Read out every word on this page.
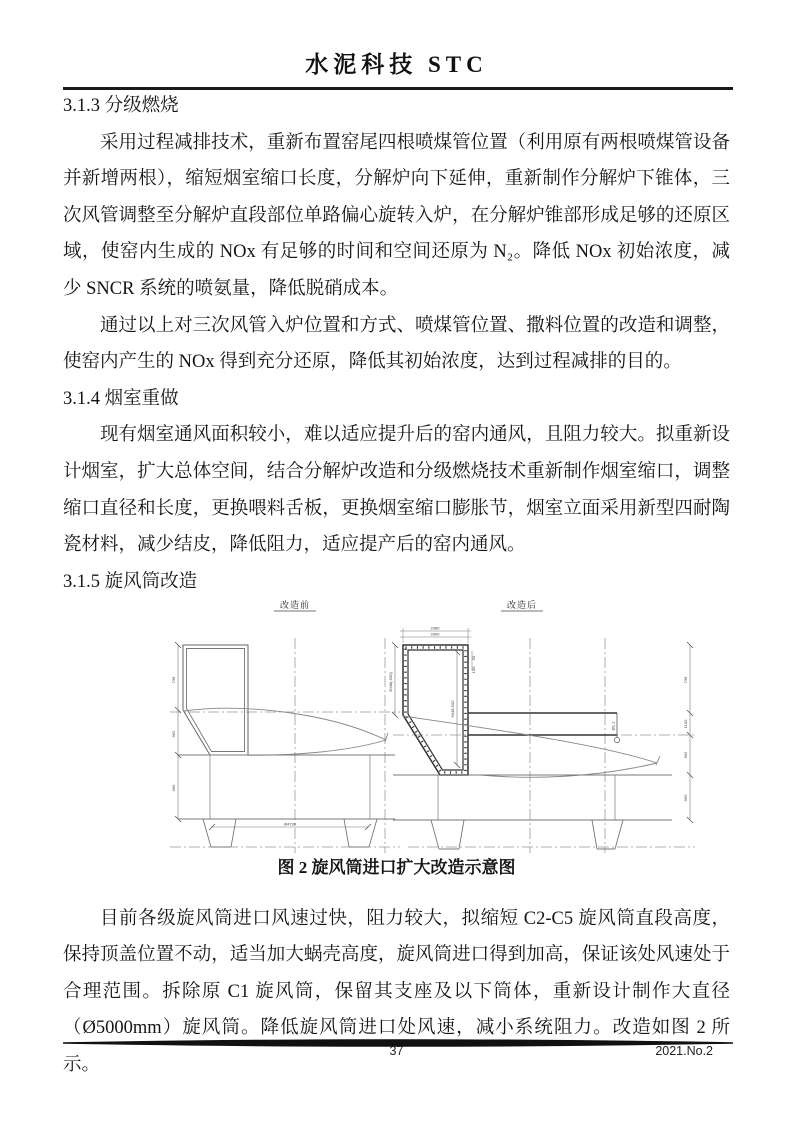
水泥科技 STC
3.1.3 分级燃烧

采用过程减排技术，重新布置窑尾四根喷煤管位置（利用原有两根喷煤管设备并新增两根），缩短烟室缩口长度，分解炉向下延伸，重新制作分解炉下锥体，三次风管调整至分解炉直段部位单路偏心旋转入炉，在分解炉锥部形成足够的还原区域，使窑内生成的 NOx 有足够的时间和空间还原为 N₂。降低 NOx 初始浓度，减少 SNCR 系统的喷氨量，降低脱硝成本。

通过以上对三次风管入炉位置和方式、喷煤管位置、撒料位置的改造和调整，使窑内产生的 NOx 得到充分还原，降低其初始浓度，达到过程减排的目的。

3.1.4 烟室重做

现有烟室通风面积较小，难以适应提升后的窑内通风，且阻力较大。拟重新设计烟室，扩大总体空间，结合分解炉改造和分级燃烧技术重新制作烟室缩口，调整缩口直径和长度，更换喂料舌板，更换烟室缩口膨胀节，烟室立面采用新型四耐陶瓷材料，减少结皮，降低阻力，适应提产后的窑内通风。

3.1.5 旋风筒改造
改造前
738
962
960
Ø4730
改造后
2980
2900
6048(-500)
6048-500
50
100
Ø1.1
738
1100
962
960
图 2 旋风筒进口扩大改造示意图

目前各级旋风筒进口风速过快，阻力较大，拟缩短 C2-C5 旋风筒直段高度，保持顶盖位置不动，适当加大蜗壳高度，旋风筒进口得到加高，保证该处风速处于合理范围。拆除原 C1 旋风筒，保留其支座及以下筒体，重新设计制作大直径（Ø5000mm）旋风筒。降低旋风筒进口处风速，减小系统阻力。改造如图 2 所示。

37	2021.No.2
